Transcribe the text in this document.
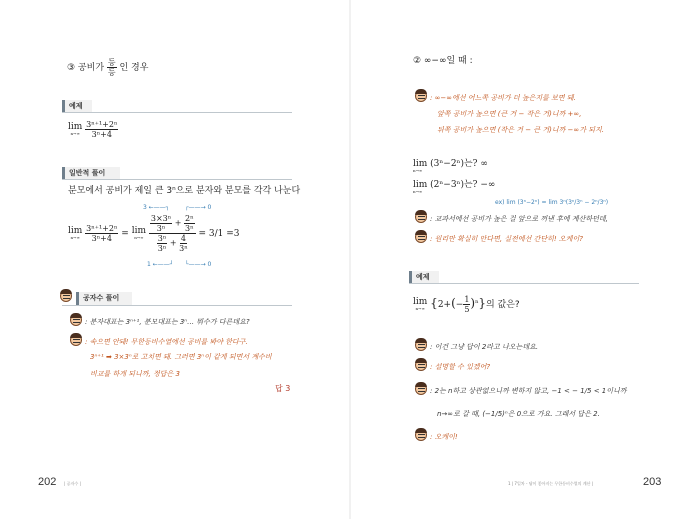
③ 공비가 $\frac{\text{등}}{\text{등}}$ 인 경우
예제
lim
n→∞
$\frac{\text{3ⁿ⁺¹+2ⁿ}}{\text{3ⁿ+4}}$
일반적 풀이
분모에서 공비가 제일 큰 3ⁿ으로 분자와 분모를 각각 나눈다
3 ←——┐	┌——→ 0
lim
n→∞
$\frac{\text{3ⁿ⁺¹+2ⁿ}}{\text{3ⁿ+4}} = \lim$
n→∞
$\frac{\frac{\text{3×3ⁿ}}{\text{3ⁿ}} + \frac{\text{2ⁿ}}{\text{3ⁿ}}}{\frac{\text{3ⁿ}}{\text{3ⁿ}} + \frac{4}{\text{3ⁿ}}} = 3/1 =3$
1 ←——┘ └——→ 0
공자수 풀이
: 분자대표는 3ⁿ⁺¹, 분모대표는 3ⁿ… 뭐수가 다른데요?
: 속으면 안돼! 무한등비수열에선 공비를 봐야 한다구.
3ⁿ⁺¹ ➡ 3×3ⁿ로 고치면 돼. 그러면 3ⁿ이 같게 되면서 계수비
비교를 하게 되니까, 정답은 3
답 3
202 | 공자수 |
② ∞−∞일 때 :
: ∞−∞에선 어느쪽 공비가 더 높은지를 보면 돼.
앞쪽 공비가 높으면 (큰 거 − 작은 거)니까 +∞,
뒤쪽 공비가 높으면 (작은 거 − 큰 거)니까 −∞가 되지.
lim (3ⁿ−2ⁿ)는? ∞
n→∞
lim (2ⁿ−3ⁿ)는? −∞
n→∞
ex) lim (3ⁿ−2ⁿ) = lim 3ⁿ(3ⁿ/3ⁿ − 2ⁿ/3ⁿ)
: 교과서에선 공비가 높은 걸 앞으로 꺼낸 후에 계산하던데,
: 원리만 확실히 안다면, 실전에선 간단히! 오케이?
예제
lim
n→∞ $\{2+(- \frac{1}{5} )^n\}$의 값은?
: 이건 그냥 답이 2라고 나오는데요.
: 설명할 수 있겠어?
: 2는 n하고 상관없으니까 변하지 않고, −1 < − 1/5 < 1이니까
n→∞로 갈 때, (−1/5)ⁿ은 0으로 가요. 그래서 답은 2.
: 오케이!
1 | 7일차 - 답이 좋아지는 무한등비수열의 계산 |	203
